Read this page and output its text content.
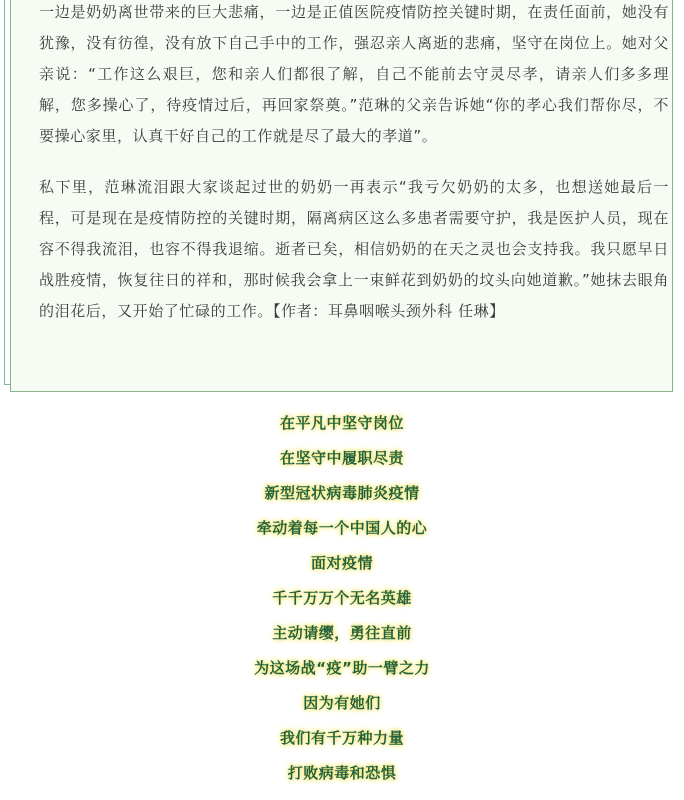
一边是奶奶离世带来的巨大悲痛，一边是正值医院疫情防控关键时期，在责任面前，她没有犹豫，没有彷徨，没有放下自己手中的工作，强忍亲人离逝的悲痛，坚守在岗位上。她对父亲说：“工作这么艰巨，您和亲人们都很了解，自己不能前去守灵尽孝，请亲人们多多理解，您多操心了，待疫情过后，再回家祭奠。”范琳的父亲告诉她“你的孝心我们帮你尽，不要操心家里，认真干好自己的工作就是尽了最大的孝道”。

私下里，范琳流泪跟大家谈起过世的奶奶一再表示“我亏欠奶奶的太多，也想送她最后一程，可是现在是疫情防控的关键时期，隔离病区这么多患者需要守护，我是医护人员，现在容不得我流泪，也容不得我退缩。逝者已矣，相信奶奶的在天之灵也会支持我。我只愿早日战胜疫情，恢复往日的祥和，那时候我会拿上一束鲜花到奶奶的坟头向她道歉。”她抹去眼角的泪花后，又开始了忙碌的工作。【作者：耳鼻咽喉头颈外科 任琳】

在平凡中坚守岗位
在坚守中履职尽责
新型冠状病毒肺炎疫情
牵动着每一个中国人的心
面对疫情
千千万万个无名英雄
主动请缨，勇往直前
为这场战“疫”助一臂之力
因为有她们
我们有千万种力量
打败病毒和恐惧
